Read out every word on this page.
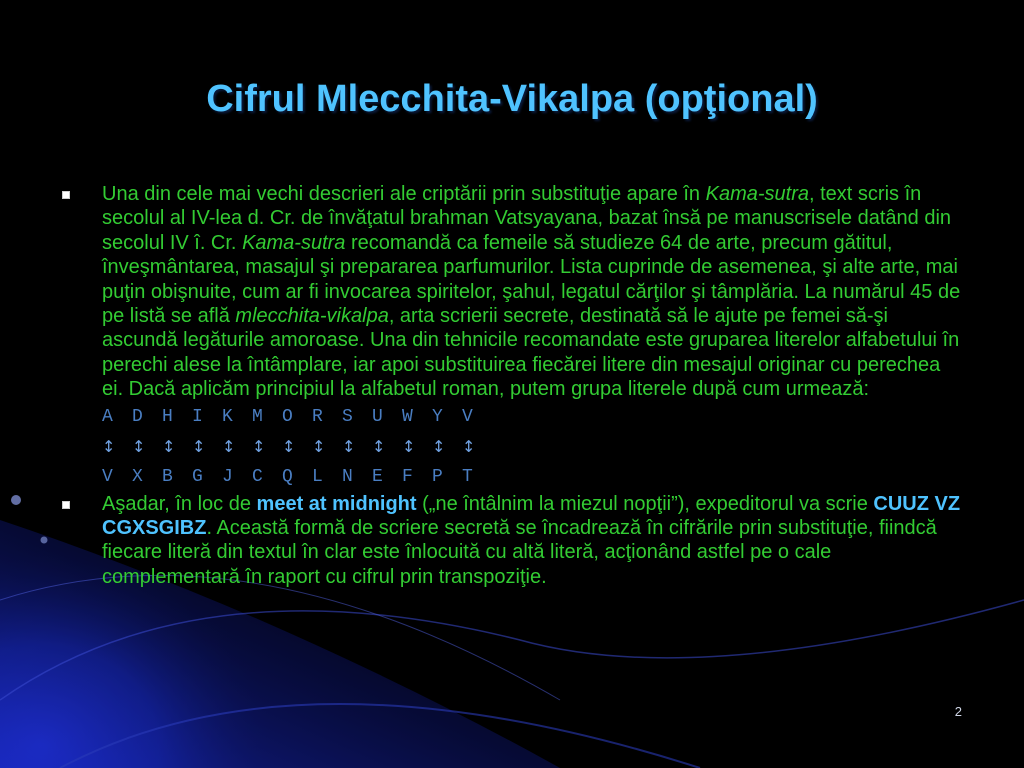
Cifrul Mlecchita-Vikalpa (opţional)
Una din cele mai vechi descrieri ale criptării prin substituţie apare în Kama-sutra, text scris în secolul al IV-lea d. Cr. de învăţatul brahman Vatsyayana, bazat însă pe manuscrisele datând din secolul IV î. Cr. Kama-sutra recomandă ca femeile să studieze 64 de arte, precum gătitul, înveşmântarea, masajul şi prepararea parfumurilor. Lista cuprinde de asemenea, şi alte arte, mai puţin obişnuite, cum ar fi invocarea spiritelor, şahul, legatul cărţilor şi tâmplăria. La numărul 45 de pe listă se află mlecchita-vikalpa, arta scrierii secrete, destinată să le ajute pe femei să-şi ascundă legăturile amoroase. Una din tehnicile recomandate este gruparea literelor alfabetului în perechi alese la întâmplare, iar apoi substituirea fiecărei litere din mesajul originar cu perechea ei. Dacă aplicăm principiul la alfabetul roman, putem grupa literele după cum urmează:
A D H I K M O R S U W Y V
↕ ↕ ↕ ↕ ↕ ↕ ↕ ↕ ↕ ↕ ↕ ↕ ↕
V X B G J C Q L N E F P T
Aşadar, în loc de meet at midnight („ne întâlnim la miezul nopţii”), expeditorul va scrie CUUZ VZ CGXSGIBZ. Această formă de scriere secretă se încadrează în cifrările prin substituţie, fiindcă fiecare literă din textul în clar este înlocuită cu altă literă, acţionând astfel pe o cale complementară în raport cu cifrul prin transpoziţie.
2
